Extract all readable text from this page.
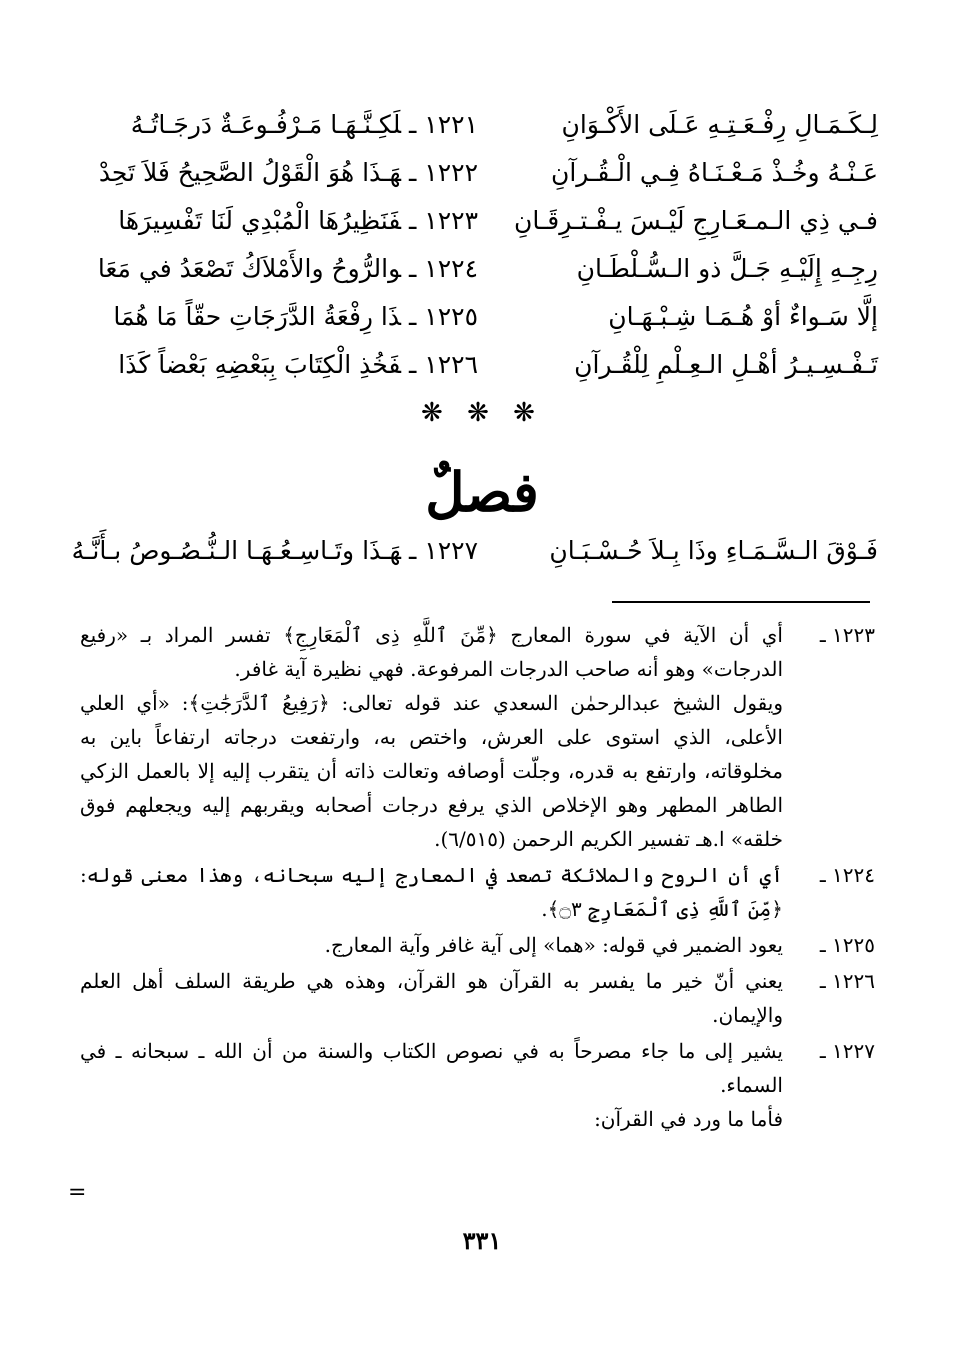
١٢٢١ ـلَكِـنَّـهَـا مَـرْفُـوعَـةٌ دَرجَـاتُـهُ	لِـكَـمَـالِ رِفْـعَـتِـهِ عَـلَى الأَكْـوَانِ
١٢٢٢ ـهَـذَا هُوَ الْقَوْلُ الصَّحِيحُ فَلاَ تَحِدْ	عَـنْـهُ وخُـذْ مَـعْـنَـاهُ فِـي الْـقُـرآنِ
١٢٢٣ ـفَنَظِيرُهَا الْمُبْدِي لَنَا تَفْسِيرَهَا	فـي ذِي الـمـعَـارِجِ لَيْـسَ يـفْـتـرِقَـانِ
١٢٢٤ ـوالرُّوحُ والأَمْلاَكُ تَصْعَدُ في مَعَا	رِجِـهِ إِلَيْـهِ جَـلَّ ذو الـسُّـلْطَـانِ
١٢٢٥ ـذَا رِفْعَةُ الدَّرَجَاتِ حقّاً مَا هُمَا	إلَّا سَـواءٌ أوْ هُـمَـا شِـبْـهَـانِ
١٢٢٦ ـفَخُذِ الْكِتَابَ بِبَعْضِهِ بَعْضاً كَذَا	تَـفْـسِـيـرُ أهْـلِ الـعِـلْمِ لِلْقُـرآنِ
❋ ❋ ❋
فصلٌ
١٢٢٧ ـهَـذَا وتَـاسِـعُـهَـا الـنُّـصُـوصُ بـأَنَّـهُ	فَـوْقَ الـسَّـمَـاءِ وذَا بِـلاَ حُـسْـبَـانِ
١٢٢٣ ـ

أي أن الآية في سورة المعارج ﴿مِّنَ ٱللَّهِ ذِى ٱلْمَعَارِجِ﴾ تفسر المراد بـ «رفيع الدرجات» وهو أنه صاحب الدرجات المرفوعة. فهي نظيرة آية غافر.

ويقول الشيخ عبدالرحمٰن السعدي عند قوله تعالى: ﴿رَفِيعُ ٱلدَّرَجَٰتِ﴾: «أي العلي الأعلى، الذي استوى على العرش، واختص به، وارتفعت درجاته ارتفاعاً باين به مخلوقاته، وارتفع به قدره، وجلّت أوصافه وتعالت ذاته أن يتقرب إليه إلا بالعمل الزكي الطاهر المطهر وهو الإخلاص الذي يرفع درجات أصحابه ويقربهم إليه ويجعلهم فوق خلقه» ا.هـ تفسير الكريم الرحمن (٦/٥١٥).

١٢٢٤ ـ

أي أن الروح والملائكة تصعد في المعارج إليه سبحانه، وهذا معنى قوله: ﴿مِّنَ ٱللَّهِ ذِى ٱلْمَعَارِجِ ۝٣﴾.

١٢٢٥ ـ

يعود الضمير في قوله: «هما» إلى آية غافر وآية المعارج.

١٢٢٦ ـ

يعني أنّ خير ما يفسر به القرآن هو القرآن، وهذه هي طريقة السلف أهل العلم والإيمان.

١٢٢٧ ـ

يشير إلى ما جاء مصرحاً به في نصوص الكتاب والسنة من أن الله ـ سبحانه ـ في السماء.

فأما ما ورد في القرآن:

=
٣٣١
